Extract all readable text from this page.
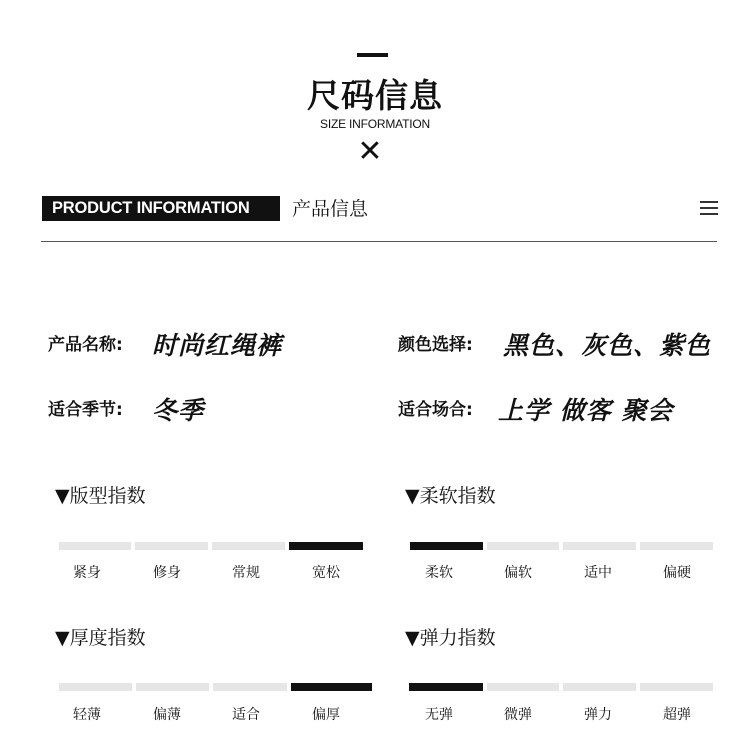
尺码信息
SIZE INFORMATION
✕
PRODUCT INFORMATION	产品信息
产品名称: 时尚红绳裤	颜色选择: 黑色、灰色、紫色
适合季节: 冬季	适合场合: 上学 做客 聚会
▼版型指数
紧身	修身	常规	宽松
▼柔软指数
柔软	偏软	适中	偏硬
▼厚度指数
轻薄	偏薄	适合	偏厚
▼弹力指数
无弹	微弹	弹力	超弹
